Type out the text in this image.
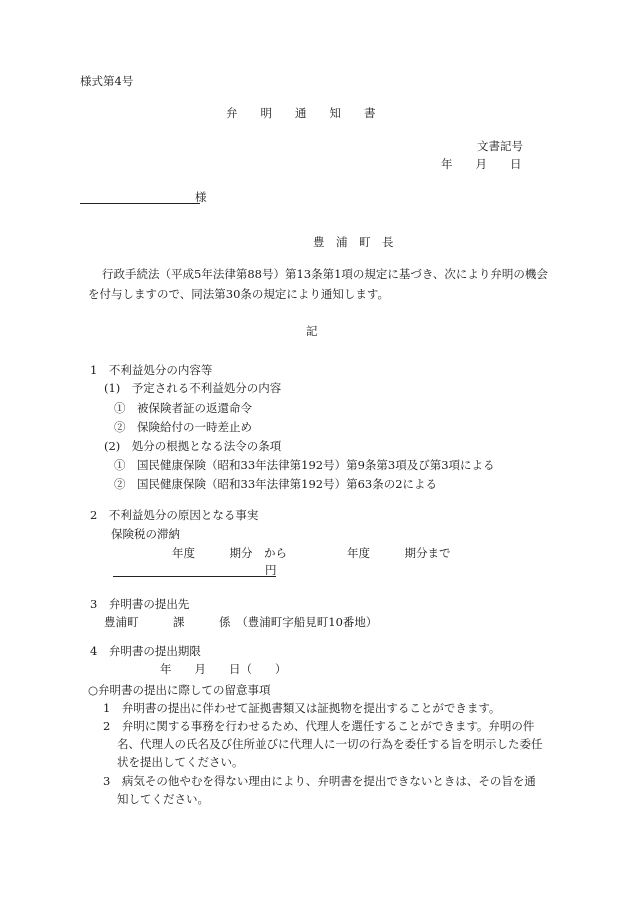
様式第4号
弁　　明　　通　　知　　書
文書記号
年　　月　　日
様
豊　浦　町　長
行政手続法（平成5年法律第88号）第13条第1項の規定に基づき、次により弁明の機会
を付与しますので、同法第30条の規定により通知します。
記
1　不利益処分の内容等
(1)　予定される不利益処分の内容
①　被保険者証の返還命令
②　保険給付の一時差止め
(2)　処分の根拠となる法令の条項
①　国民健康保険（昭和33年法律第192号）第9条第3項及び第3項による
②　国民健康保険（昭和33年法律第192号）第63条の2による
2　不利益処分の原因となる事実
保険税の滞納
年度　　　期分　から	年度　　　期分まで
円
3　弁明書の提出先
豊浦町　　　課　　　係　（豊浦町字船見町10番地）
4　弁明書の提出期限
年　　月　　日（　　）
○弁明書の提出に際しての留意事項
1　弁明書の提出に伴わせて証拠書類又は証拠物を提出することができます。
2　弁明に関する事務を行わせるため、代理人を選任することができます。弁明の件
名、代理人の氏名及び住所並びに代理人に一切の行為を委任する旨を明示した委任
状を提出してください。
3　病気その他やむを得ない理由により、弁明書を提出できないときは、その旨を通
知してください。
